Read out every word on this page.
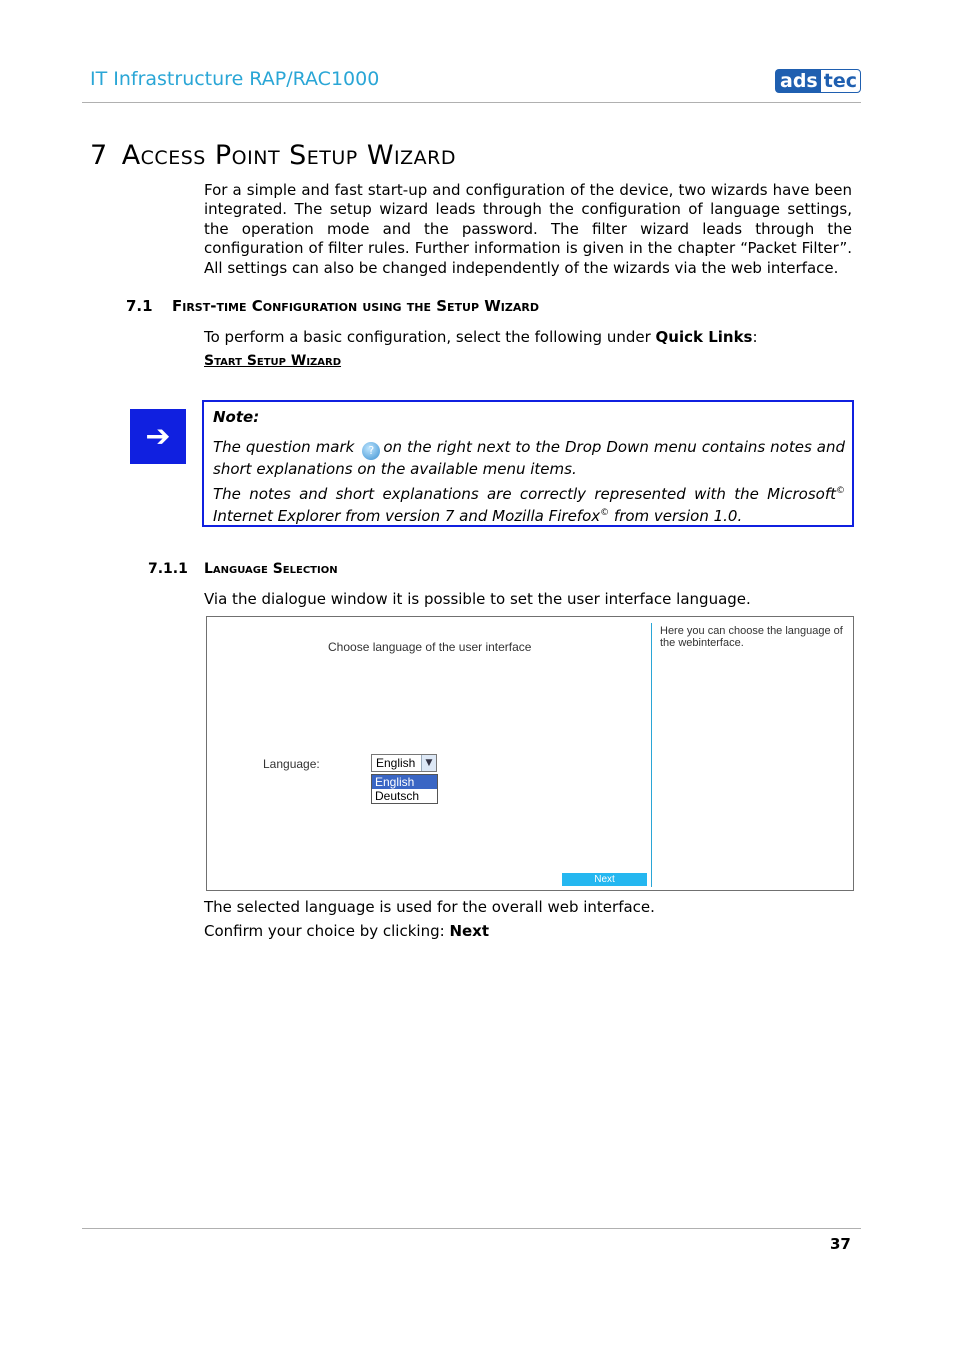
IT Infrastructure RAP/RAC1000	ads tec
7 Access Point Setup Wizard
For a simple and fast start-up and configuration of the device, two wizards have been integrated. The setup wizard leads through the configuration of language settings, the operation mode and the password. The filter wizard leads through the configuration of filter rules. Further information is given in the chapter “Packet Filter”. All settings can also be changed independently of the wizards via the web interface.
7.1 First-time Configuration using the Setup Wizard
To perform a basic configuration, select the following under Quick Links:
Start Setup Wizard
➔
Note:
The question mark ? on the right next to the Drop Down menu contains notes and short explanations on the available menu items.
The notes and short explanations are correctly represented with the Microsoft© Internet Explorer from version 7 and Mozilla Firefox© from version 1.0.
7.1.1 Language Selection
Via the dialogue window it is possible to set the user interface language.
Choose language of the user interface
Here you can choose the language of the webinterface.
Language:	English	▼
English
Deutsch
Next
The selected language is used for the overall web interface.
Confirm your choice by clicking: Next
37
